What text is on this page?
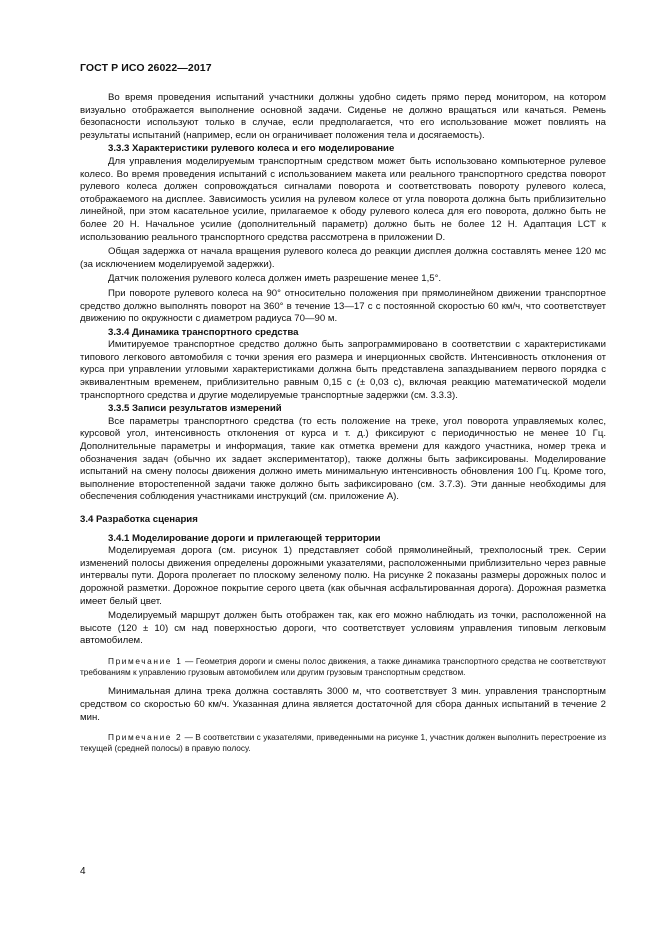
ГОСТ Р ИСО 26022—2017

Во время проведения испытаний участники должны удобно сидеть прямо перед монитором, на котором визуально отображается выполнение основной задачи. Сиденье не должно вращаться или качаться. Ремень безопасности используют только в случае, если предполагается, что его использование может повлиять на результаты испытаний (например, если он ограничивает положения тела и досягаемость).

3.3.3 Характеристики рулевого колеса и его моделирование

Для управления моделируемым транспортным средством может быть использовано компьютерное рулевое колесо. Во время проведения испытаний с использованием макета или реального транспортного средства поворот рулевого колеса должен сопровождаться сигналами поворота и соответствовать повороту рулевого колеса, отображаемого на дисплее. Зависимость усилия на рулевом колесе от угла поворота должна быть приблизительно линейной, при этом касательное усилие, прилагаемое к ободу рулевого колеса для его поворота, должно быть не более 20 Н. Начальное усилие (дополнительный параметр) должно быть не более 12 Н. Адаптация LCT к использованию реального транспортного средства рассмотрена в приложении D.

Общая задержка от начала вращения рулевого колеса до реакции дисплея должна составлять менее 120 мс (за исключением моделируемой задержки).

Датчик положения рулевого колеса должен иметь разрешение менее 1,5°.

При повороте рулевого колеса на 90° относительно положения при прямолинейном движении транспортное средство должно выполнять поворот на 360° в течение 13—17 с с постоянной скоростью 60 км/ч, что соответствует движению по окружности с диаметром радиуса 70—90 м.

3.3.4 Динамика транспортного средства

Имитируемое транспортное средство должно быть запрограммировано в соответствии с характеристиками типового легкового автомобиля с точки зрения его размера и инерционных свойств. Интенсивность отклонения от курса при управлении угловыми характеристиками должна быть представлена запаздыванием первого порядка с эквивалентным временем, приблизительно равным 0,15 с (± 0,03 с), включая реакцию математической модели транспортного средства и другие моделируемые транспортные задержки (см. 3.3.3).

3.3.5 Записи результатов измерений

Все параметры транспортного средства (то есть положение на треке, угол поворота управляемых колес, курсовой угол, интенсивность отклонения от курса и т. д.) фиксируют с периодичностью не менее 10 Гц. Дополнительные параметры и информация, такие как отметка времени для каждого участника, номер трека и обозначения задач (обычно их задает экспериментатор), также должны быть зафиксированы. Моделирование испытаний на смену полосы движения должно иметь минимальную интенсивность обновления 100 Гц. Кроме того, выполнение второстепенной задачи также должно быть зафиксировано (см. 3.7.3). Эти данные необходимы для обеспечения соблюдения участниками инструкций (см. приложение А).

3.4 Разработка сценария

3.4.1 Моделирование дороги и прилегающей территории

Моделируемая дорога (см. рисунок 1) представляет собой прямолинейный, трехполосный трек. Серии изменений полосы движения определены дорожными указателями, расположенными приблизительно через равные интервалы пути. Дорога пролегает по плоскому зеленому полю. На рисунке 2 показаны размеры дорожных полос и дорожной разметки. Дорожное покрытие серого цвета (как обычная асфальтированная дорога). Дорожная разметка имеет белый цвет.

Моделируемый маршрут должен быть отображен так, как его можно наблюдать из точки, расположенной на высоте (120 ± 10) см над поверхностью дороги, что соответствует условиям управления типовым легковым автомобилем.

Примечание 1 — Геометрия дороги и смены полос движения, а также динамика транспортного средства не соответствуют требованиям к управлению грузовым автомобилем или другим грузовым транспортным средством.

Минимальная длина трека должна составлять 3000 м, что соответствует 3 мин. управления транспортным средством со скоростью 60 км/ч. Указанная длина является достаточной для сбора данных испытаний в течение 2 мин.

Примечание 2 — В соответствии с указателями, приведенными на рисунке 1, участник должен выполнить перестроение из текущей (средней полосы) в правую полосу.

4
